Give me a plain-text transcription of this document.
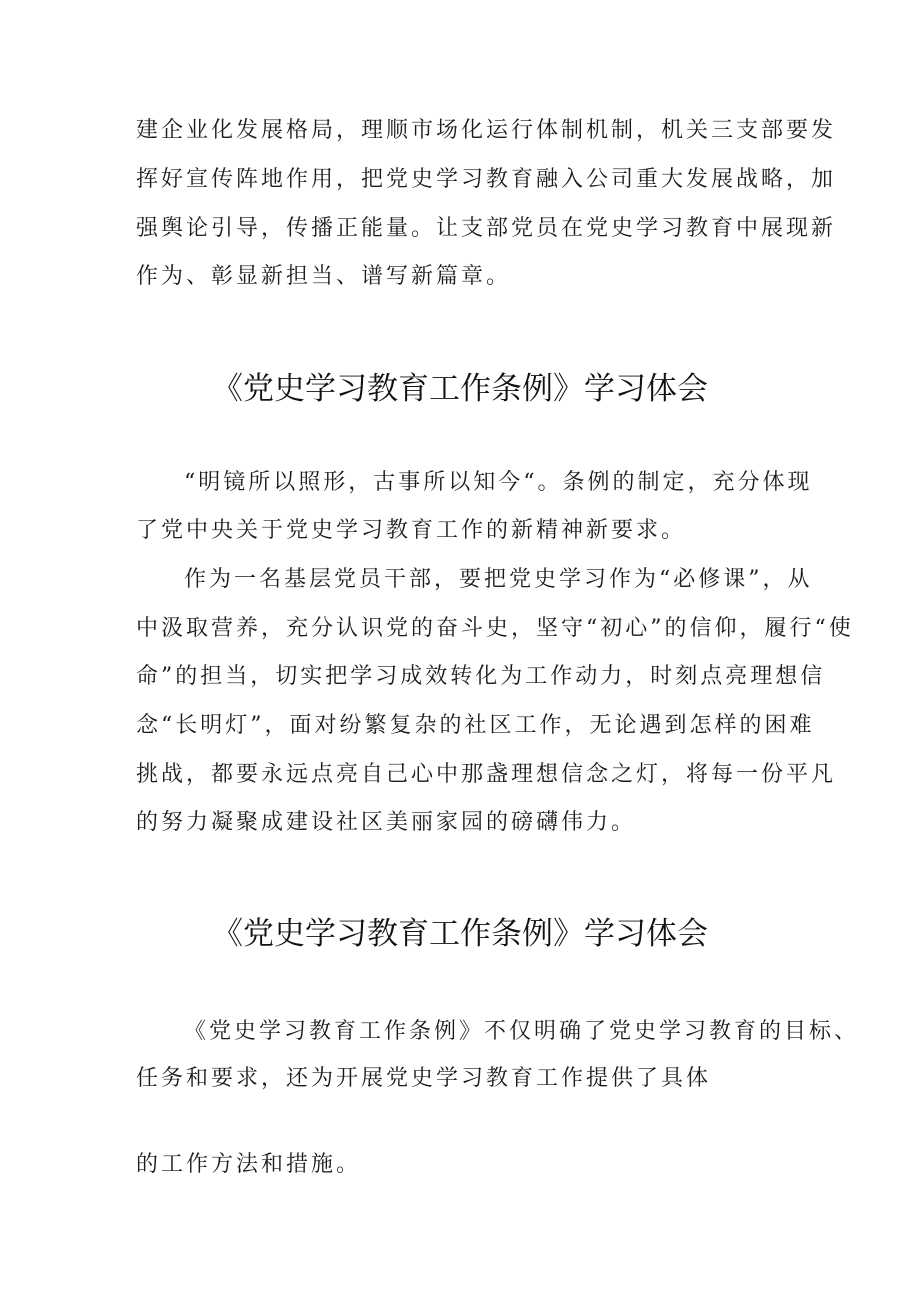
建企业化发展格局，理顺市场化运行体制机制，机关三支部要发
挥好宣传阵地作用，把党史学习教育融入公司重大发展战略，加
强舆论引导，传播正能量。让支部党员在党史学习教育中展现新
作为、彰显新担当、谱写新篇章。
《党史学习教育工作条例》学习体会
“明镜所以照形，古事所以知今“。条例的制定，充分体现
了党中央关于党史学习教育工作的新精神新要求。
作为一名基层党员干部，要把党史学习作为“必修课”，从
中汲取营养，充分认识党的奋斗史，坚守“初心”的信仰，履行“使
命”的担当，切实把学习成效转化为工作动力，时刻点亮理想信
念“长明灯”，面对纷繁复杂的社区工作，无论遇到怎样的困难
挑战，都要永远点亮自己心中那盏理想信念之灯，将每一份平凡
的努力凝聚成建设社区美丽家园的磅礴伟力。
《党史学习教育工作条例》学习体会
《党史学习教育工作条例》不仅明确了党史学习教育的目标、
任务和要求，还为开展党史学习教育工作提供了具体
的工作方法和措施。
